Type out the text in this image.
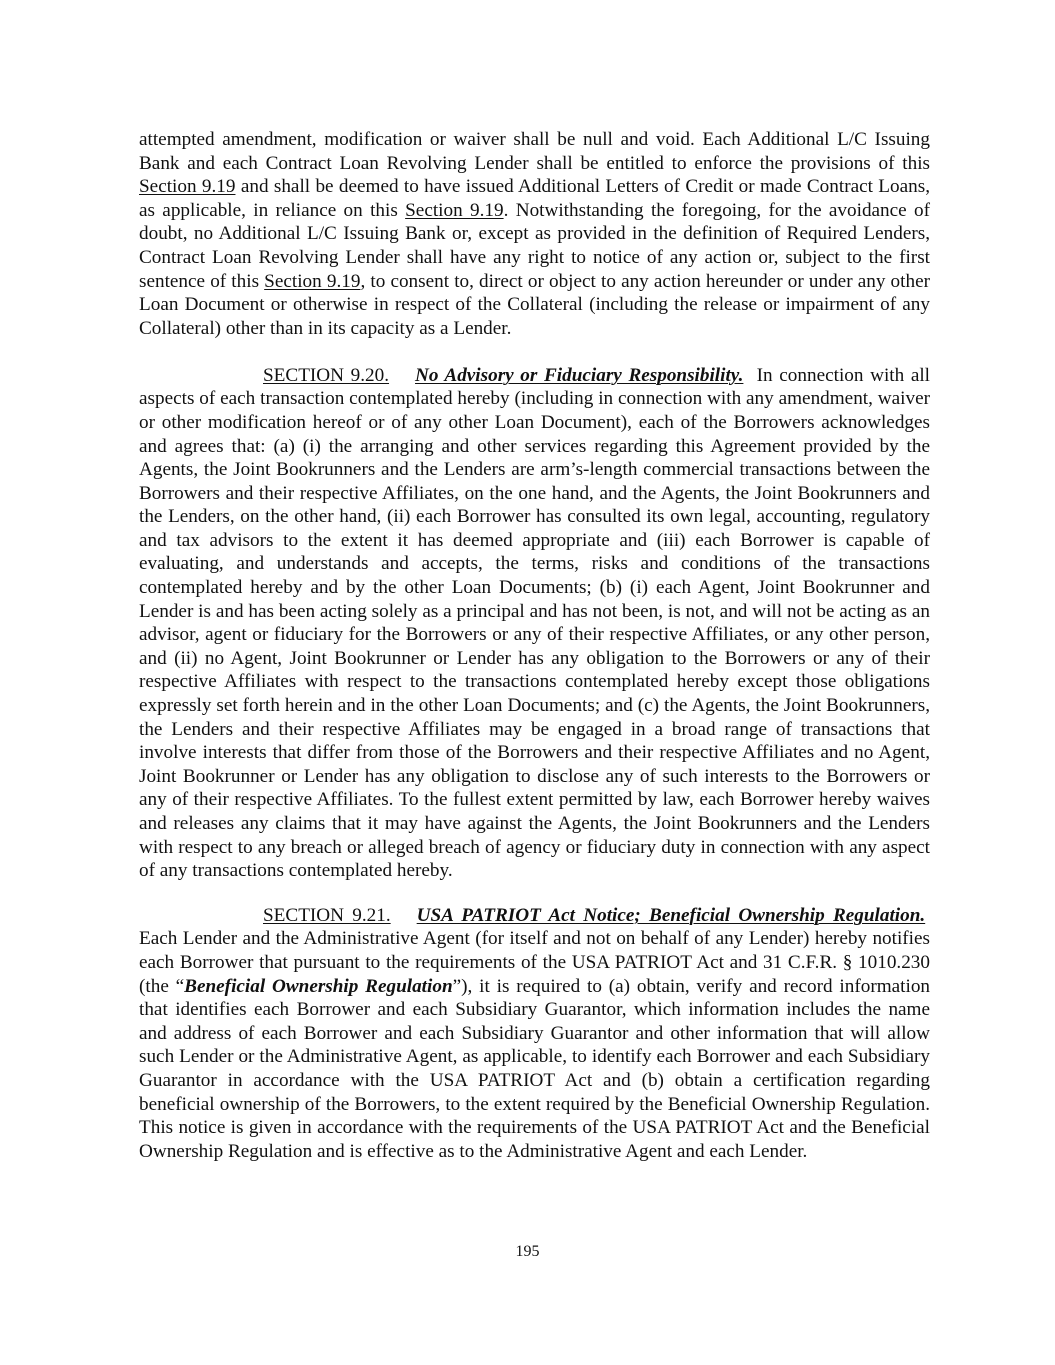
attempted amendment, modification or waiver shall be null and void. Each Additional L/C Issuing Bank and each Contract Loan Revolving Lender shall be entitled to enforce the provisions of this Section 9.19 and shall be deemed to have issued Additional Letters of Credit or made Contract Loans, as applicable, in reliance on this Section 9.19. Notwithstanding the foregoing, for the avoidance of doubt, no Additional L/C Issuing Bank or, except as provided in the definition of Required Lenders, Contract Loan Revolving Lender shall have any right to notice of any action or, subject to the first sentence of this Section 9.19, to consent to, direct or object to any action hereunder or under any other Loan Document or otherwise in respect of the Collateral (including the release or impairment of any Collateral) other than in its capacity as a Lender.

SECTION 9.20. No Advisory or Fiduciary Responsibility. In connection with all aspects of each transaction contemplated hereby (including in connection with any amendment, waiver or other modification hereof or of any other Loan Document), each of the Borrowers acknowledges and agrees that: (a) (i) the arranging and other services regarding this Agreement provided by the Agents, the Joint Bookrunners and the Lenders are arm’s-length commercial transactions between the Borrowers and their respective Affiliates, on the one hand, and the Agents, the Joint Bookrunners and the Lenders, on the other hand, (ii) each Borrower has consulted its own legal, accounting, regulatory and tax advisors to the extent it has deemed appropriate and (iii) each Borrower is capable of evaluating, and understands and accepts, the terms, risks and conditions of the transactions contemplated hereby and by the other Loan Documents; (b) (i) each Agent, Joint Bookrunner and Lender is and has been acting solely as a principal and has not been, is not, and will not be acting as an advisor, agent or fiduciary for the Borrowers or any of their respective Affiliates, or any other person, and (ii) no Agent, Joint Bookrunner or Lender has any obligation to the Borrowers or any of their respective Affiliates with respect to the transactions contemplated hereby except those obligations expressly set forth herein and in the other Loan Documents; and (c) the Agents, the Joint Bookrunners, the Lenders and their respective Affiliates may be engaged in a broad range of transactions that involve interests that differ from those of the Borrowers and their respective Affiliates and no Agent, Joint Bookrunner or Lender has any obligation to disclose any of such interests to the Borrowers or any of their respective Affiliates. To the fullest extent permitted by law, each Borrower hereby waives and releases any claims that it may have against the Agents, the Joint Bookrunners and the Lenders with respect to any breach or alleged breach of agency or fiduciary duty in connection with any aspect of any transactions contemplated hereby.

SECTION 9.21. USA PATRIOT Act Notice; Beneficial Ownership Regulation.  Each Lender and the Administrative Agent (for itself and not on behalf of any Lender) hereby notifies each Borrower that pursuant to the requirements of the USA PATRIOT Act and 31 C.F.R. § 1010.230 (the “Beneficial Ownership Regulation”), it is required to (a) obtain, verify and record information that identifies each Borrower and each Subsidiary Guarantor, which information includes the name and address of each Borrower and each Subsidiary Guarantor and other information that will allow such Lender or the Administrative Agent, as applicable, to identify each Borrower and each Subsidiary Guarantor in accordance with the USA PATRIOT Act and (b) obtain a certification regarding beneficial ownership of the Borrowers, to the extent required by the Beneficial Ownership Regulation. This notice is given in accordance with the requirements of the USA PATRIOT Act and the Beneficial Ownership Regulation and is effective as to the Administrative Agent and each Lender.

195
